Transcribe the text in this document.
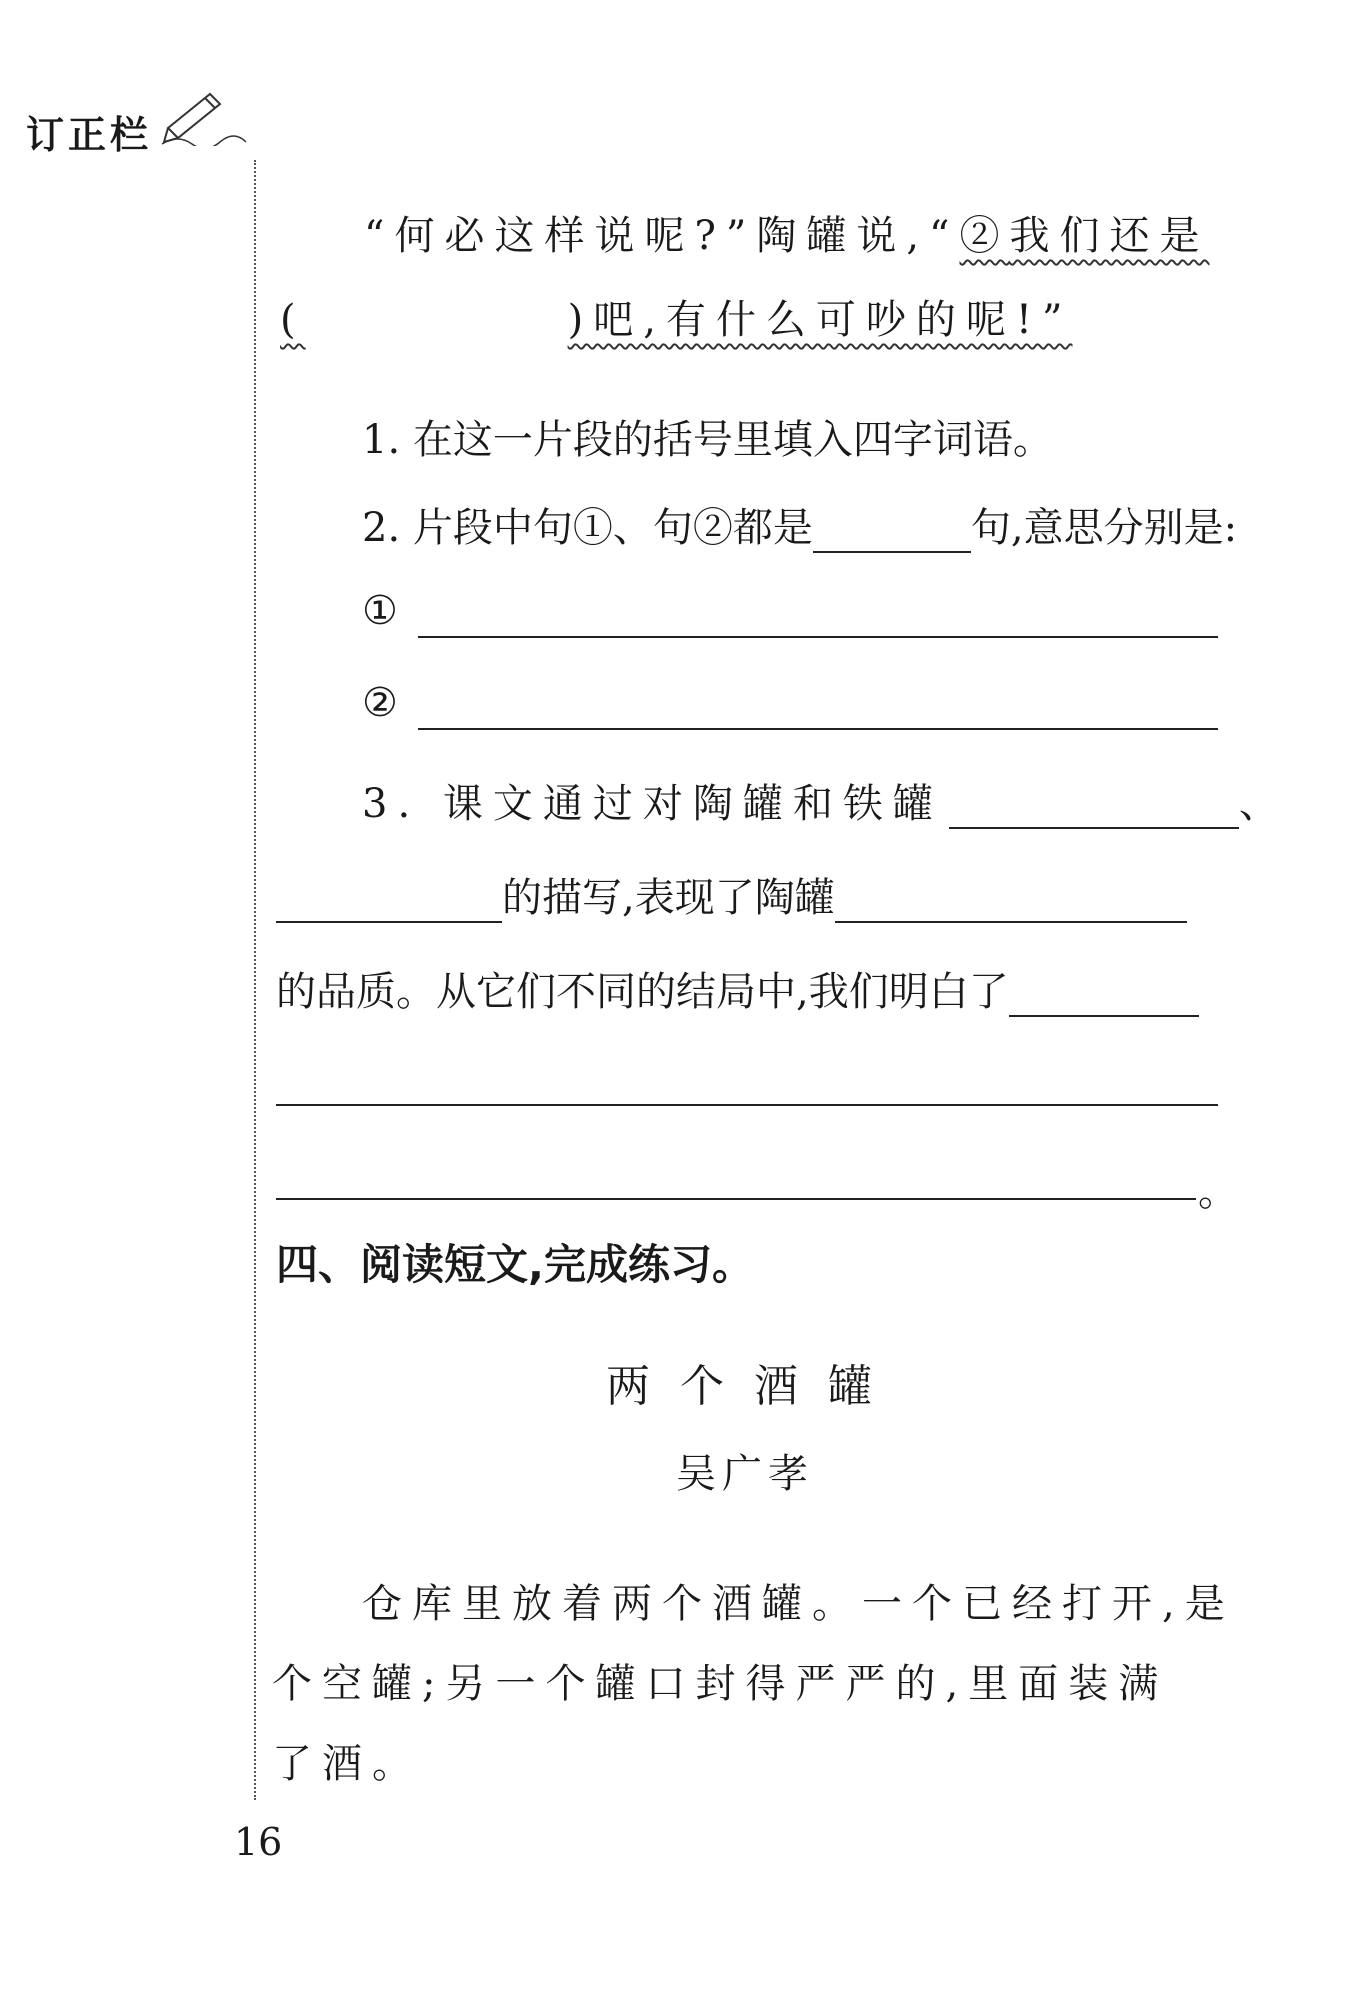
订正栏
“何必这样说呢?”陶罐说,“②我们还是
(	)吧,有什么可吵的呢!”
1. 在这一片段的括号里填入四字词语。
2. 片段中句①、句②都是	句,意思分别是:
①
②
3. 课文通过对陶罐和铁罐	、
的描写,表现了陶罐
的品质。从它们不同的结局中,我们明白了
。
四、阅读短文,完成练习。
两个酒罐
吴广孝
仓库里放着两个酒罐。一个已经打开,是
个空罐;另一个罐口封得严严的,里面装满
了酒。
16
